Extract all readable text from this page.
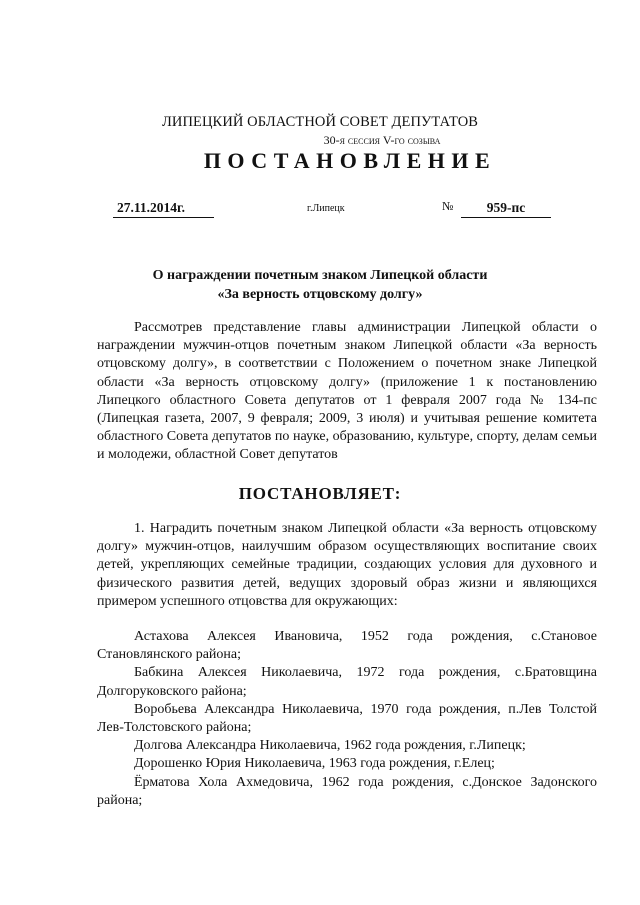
ЛИПЕЦКИЙ ОБЛАСТНОЙ СОВЕТ ДЕПУТАТОВ
30-я сессия V-го созыва
ПОСТАНОВЛЕНИЕ
27.11.2014г.	г.Липецк	№	959-пс
О награждении почетным знаком Липецкой области
«За верность отцовскому долгу»

Рассмотрев представление главы администрации Липецкой области о награждении мужчин-отцов почетным знаком Липецкой области «За верность отцовскому долгу», в соответствии с Положением о почетном знаке Липецкой области «За верность отцовскому долгу» (приложение 1 к постановлению Липецкого областного Совета депутатов от 1 февраля 2007 года № 134-пс (Липецкая газета, 2007, 9 февраля; 2009, 3 июля) и учитывая решение комитета областного Совета депутатов по науке, образованию, культуре, спорту, делам семьи и молодежи, областной Совет депутатов

ПОСТАНОВЛЯЕТ:

1. Наградить почетным знаком Липецкой области «За верность отцовскому долгу» мужчин-отцов, наилучшим образом осуществляющих воспитание своих детей, укрепляющих семейные традиции, создающих условия для духовного и физического развития детей, ведущих здоровый образ жизни и являющихся примером успешного отцовства для окружающих:

Астахова Алексея Ивановича, 1952 года рождения, с.Становое Становлянского района;
Бабкина Алексея Николаевича, 1972 года рождения, с.Братовщина Долгоруковского района;
Воробьева Александра Николаевича, 1970 года рождения, п.Лев Толстой Лев-Толстовского района;
Долгова Александра Николаевича, 1962 года рождения, г.Липецк;
Дорошенко Юрия Николаевича, 1963 года рождения, г.Елец;
Ёрматова Хола Ахмедовича, 1962 года рождения, с.Донское Задонского района;
